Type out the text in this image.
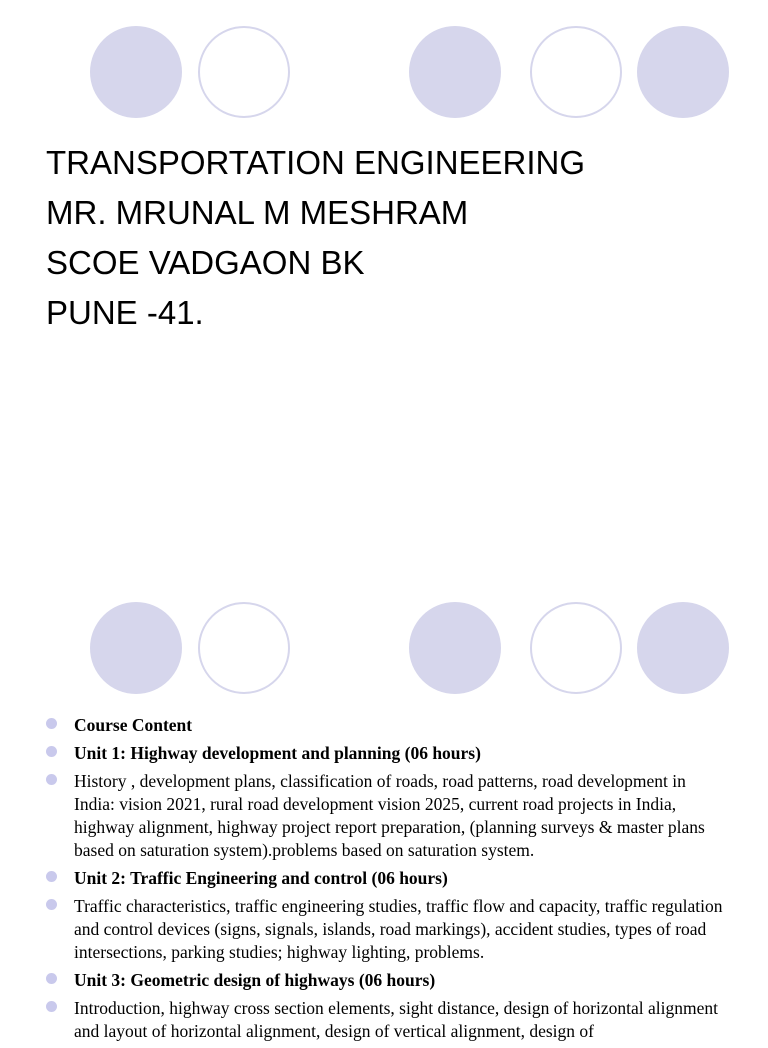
TRANSPORTATION ENGINEERING
MR. MRUNAL M MESHRAM
SCOE VADGAON BK
PUNE -41.
Course Content
Unit 1: Highway development and planning (06 hours)
History , development plans, classification of roads, road patterns, road development in India: vision 2021, rural road development vision 2025, current road projects in India, highway alignment, highway project report preparation, (planning surveys & master plans based on saturation system).problems based on saturation system.
Unit 2: Traffic Engineering and control (06 hours)
Traffic characteristics, traffic engineering studies, traffic flow and capacity, traffic regulation and control devices (signs, signals, islands, road markings), accident studies, types of road intersections, parking studies; highway lighting, problems.
Unit 3: Geometric design of highways (06 hours)
Introduction, highway cross section elements, sight distance, design of horizontal alignment and layout of horizontal alignment, design of vertical alignment, design of
